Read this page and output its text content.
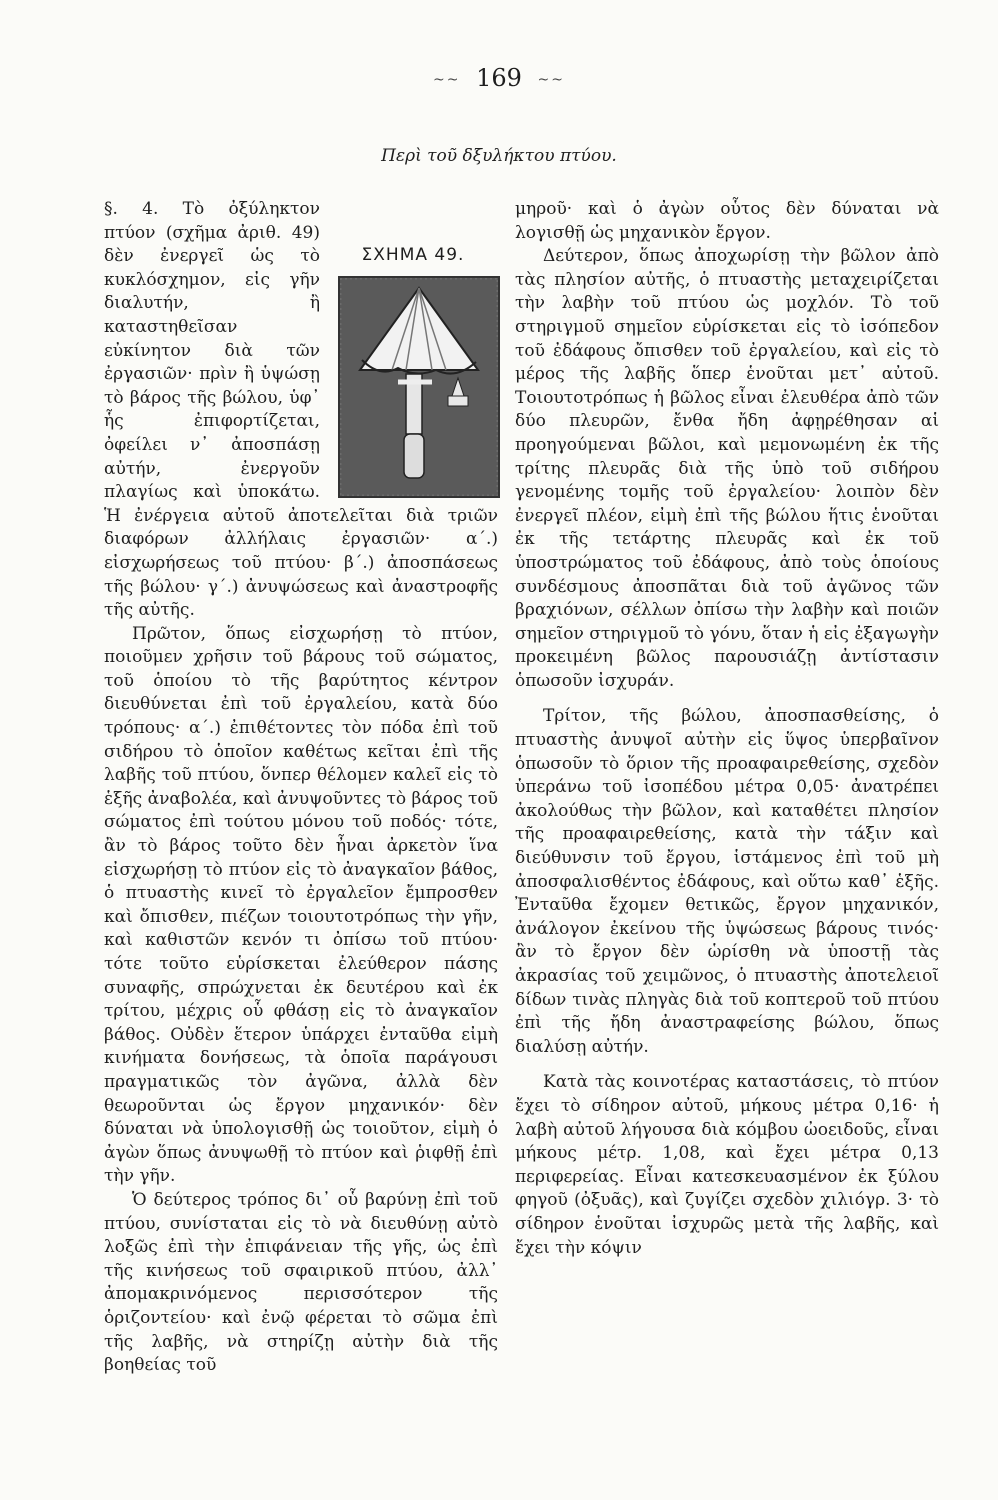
~~ 169 ~~
Περὶ τοῦ δξυλήκτου πτύου.
ΣΧΗΜΑ 49.

§. 4. Τὸ ὀξύληκτον πτύον (σχῆμα ἀριθ. 49) δὲν ἐνεργεῖ ὡς τὸ κυκλόσχημον, εἰς γῆν διαλυτήν, ἢ καταστηθεῖσαν εὐκίνητον διὰ τῶν ἐργασιῶν· πρὶν ἢ ὑψώσῃ τὸ βάρος τῆς βώλου, ὑφ᾽ ἧς ἐπιφορτίζεται, ὀφείλει ν᾽ ἀποσπάσῃ αὐτήν, ἐνεργοῦν πλαγίως καὶ ὑποκάτω. Ἡ ἐνέργεια αὐτοῦ ἀποτελεῖται διὰ τριῶν διαφόρων ἀλλήλαις ἐργασιῶν· α΄.) εἰσχωρήσεως τοῦ πτύου· β΄.) ἀποσπάσεως τῆς βώλου· γ΄.) ἀνυψώσεως καὶ ἀναστροφῆς τῆς αὐτῆς.

Πρῶτον, ὅπως εἰσχωρήσῃ τὸ πτύον, ποιοῦμεν χρῆσιν τοῦ βάρους τοῦ σώματος, τοῦ ὁποίου τὸ τῆς βαρύτητος κέντρον διευθύνεται ἐπὶ τοῦ ἐργαλείου, κατὰ δύο τρόπους· α΄.) ἐπιθέτοντες τὸν πόδα ἐπὶ τοῦ σιδήρου τὸ ὁποῖον καθέτως κεῖται ἐπὶ τῆς λαβῆς τοῦ πτύου, ὅνπερ θέλομεν καλεῖ εἰς τὸ ἑξῆς ἀναβολέα, καὶ ἀνυψοῦντες τὸ βάρος τοῦ σώματος ἐπὶ τούτου μόνου τοῦ ποδός· τότε, ἂν τὸ βάρος τοῦτο δὲν ἦναι ἀρκετὸν ἵνα εἰσχωρήσῃ τὸ πτύον εἰς τὸ ἀναγκαῖον βάθος, ὁ πτυαστὴς κινεῖ τὸ ἐργαλεῖον ἔμπροσθεν καὶ ὄπισθεν, πιέζων τοιουτοτρόπως τὴν γῆν, καὶ καθιστῶν κενόν τι ὀπίσω τοῦ πτύου· τότε τοῦτο εὑρίσκεται ἐλεύθερον πάσης συναφῆς, σπρώχνεται ἐκ δευτέρου καὶ ἐκ τρίτου, μέχρις οὗ φθάσῃ εἰς τὸ ἀναγκαῖον βάθος. Οὐδὲν ἕτερον ὑπάρχει ἐνταῦθα εἰμὴ κινήματα δονήσεως, τὰ ὁποῖα παράγουσι πραγματικῶς τὸν ἀγῶνα, ἀλλὰ δὲν θεωροῦνται ὡς ἔργον μηχανικόν· δὲν δύναται νὰ ὑπολογισθῇ ὡς τοιοῦτον, εἰμὴ ὁ ἀγὼν ὅπως ἀνυψωθῇ τὸ πτύον καὶ ῥιφθῇ ἐπὶ τὴν γῆν.

Ὁ δεύτερος τρόπος δι᾽ οὗ βαρύνῃ ἐπὶ τοῦ πτύου, συνίσταται εἰς τὸ νὰ διευθύνῃ αὐτὸ λοξῶς ἐπὶ τὴν ἐπιφάνειαν τῆς γῆς, ὡς ἐπὶ τῆς κινήσεως τοῦ σφαιρικοῦ πτύου, ἀλλ᾽ ἀπομακρινόμενος περισσότερον τῆς ὁριζοντείου· καὶ ἐνῷ φέρεται τὸ σῶμα ἐπὶ τῆς λαβῆς, νὰ στηρίζῃ αὐτὴν διὰ τῆς βοηθείας τοῦ

μηροῦ· καὶ ὁ ἀγὼν οὗτος δὲν δύναται νὰ λογισθῇ ὡς μηχανικὸν ἔργον.

Δεύτερον, ὅπως ἀποχωρίσῃ τὴν βῶλον ἀπὸ τὰς πλησίον αὐτῆς, ὁ πτυαστὴς μεταχειρίζεται τὴν λαβὴν τοῦ πτύου ὡς μοχλόν. Τὸ τοῦ στηριγμοῦ σημεῖον εὑρίσκεται εἰς τὸ ἰσόπεδον τοῦ ἐδάφους ὄπισθεν τοῦ ἐργαλείου, καὶ εἰς τὸ μέρος τῆς λαβῆς ὅπερ ἑνοῦται μετ᾽ αὐτοῦ. Τοιουτοτρόπως ἡ βῶλος εἶναι ἐλευθέρα ἀπὸ τῶν δύο πλευρῶν, ἔνθα ἤδη ἀφῃρέθησαν αἱ προηγούμεναι βῶλοι, καὶ μεμονωμένη ἐκ τῆς τρίτης πλευρᾶς διὰ τῆς ὑπὸ τοῦ σιδήρου γενομένης τομῆς τοῦ ἐργαλείου· λοιπὸν δὲν ἐνεργεῖ πλέον, εἰμὴ ἐπὶ τῆς βώλου ἥτις ἑνοῦται ἐκ τῆς τετάρτης πλευρᾶς καὶ ἐκ τοῦ ὑποστρώματος τοῦ ἐδάφους, ἀπὸ τοὺς ὁποίους συνδέσμους ἀποσπᾶται διὰ τοῦ ἀγῶνος τῶν βραχιόνων, σέλλων ὀπίσω τὴν λαβὴν καὶ ποιῶν σημεῖον στηριγμοῦ τὸ γόνυ, ὅταν ἡ εἰς ἐξαγωγὴν προκειμένη βῶλος παρουσιάζῃ ἀντίστασιν ὁπωσοῦν ἰσχυράν.

Τρίτον, τῆς βώλου, ἀποσπασθείσης, ὁ πτυαστὴς ἀνυψοῖ αὐτὴν εἰς ὕψος ὑπερβαῖνον ὁπωσοῦν τὸ ὅριον τῆς προαφαιρεθείσης, σχεδὸν ὑπεράνω τοῦ ἰσοπέδου μέτρα 0,05· ἀνατρέπει ἀκολούθως τὴν βῶλον, καὶ καταθέτει πλησίον τῆς προαφαιρεθείσης, κατὰ τὴν τάξιν καὶ διεύθυνσιν τοῦ ἔργου, ἱστάμενος ἐπὶ τοῦ μὴ ἀποσφαλισθέντος ἐδάφους, καὶ οὕτω καθ᾽ ἑξῆς. Ἐνταῦθα ἔχομεν θετικῶς, ἔργον μηχανικόν, ἀνάλογον ἐκείνου τῆς ὑψώσεως βάρους τινός· ἂν τὸ ἔργον δὲν ὡρίσθη νὰ ὑποστῇ τὰς ἀκρασίας τοῦ χειμῶνος, ὁ πτυαστὴς ἀποτελειοῖ δίδων τινὰς πληγὰς διὰ τοῦ κοπτεροῦ τοῦ πτύου ἐπὶ τῆς ἤδη ἀναστραφείσης βώλου, ὅπως διαλύσῃ αὐτήν.

Κατὰ τὰς κοινοτέρας καταστάσεις, τὸ πτύον ἔχει τὸ σίδηρον αὐτοῦ, μήκους μέτρα 0,16· ἡ λαβὴ αὐτοῦ λήγουσα διὰ κόμβου ὠοειδοῦς, εἶναι μήκους μέτρ. 1,08, καὶ ἔχει μέτρα 0,13 περιφερείας. Εἶναι κατεσκευασμένον ἐκ ξύλου φηγοῦ (ὀξυᾶς), καὶ ζυγίζει σχεδὸν χιλιόγρ. 3· τὸ σίδηρον ἑνοῦται ἰσχυρῶς μετὰ τῆς λαβῆς, καὶ ἔχει τὴν κόψιν
